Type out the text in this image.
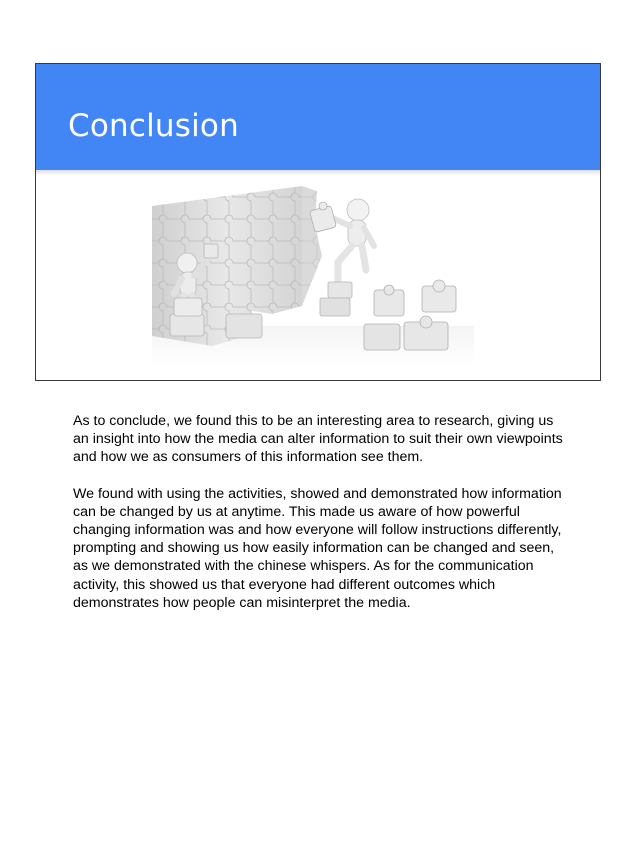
Conclusion

As to conclude, we found this to be an interesting area to research, giving us an insight into how the media can alter information to suit their own viewpoints and how we as consumers of this information see them.

We found with using the activities, showed and demonstrated how information can be changed by us at anytime. This made us aware of how powerful changing information was and how everyone will follow instructions differently, prompting and showing us how easily information can be changed and seen, as we demonstrated with the chinese whispers. As for the communication activity, this showed us that everyone had different outcomes which demonstrates how people can misinterpret the media.
